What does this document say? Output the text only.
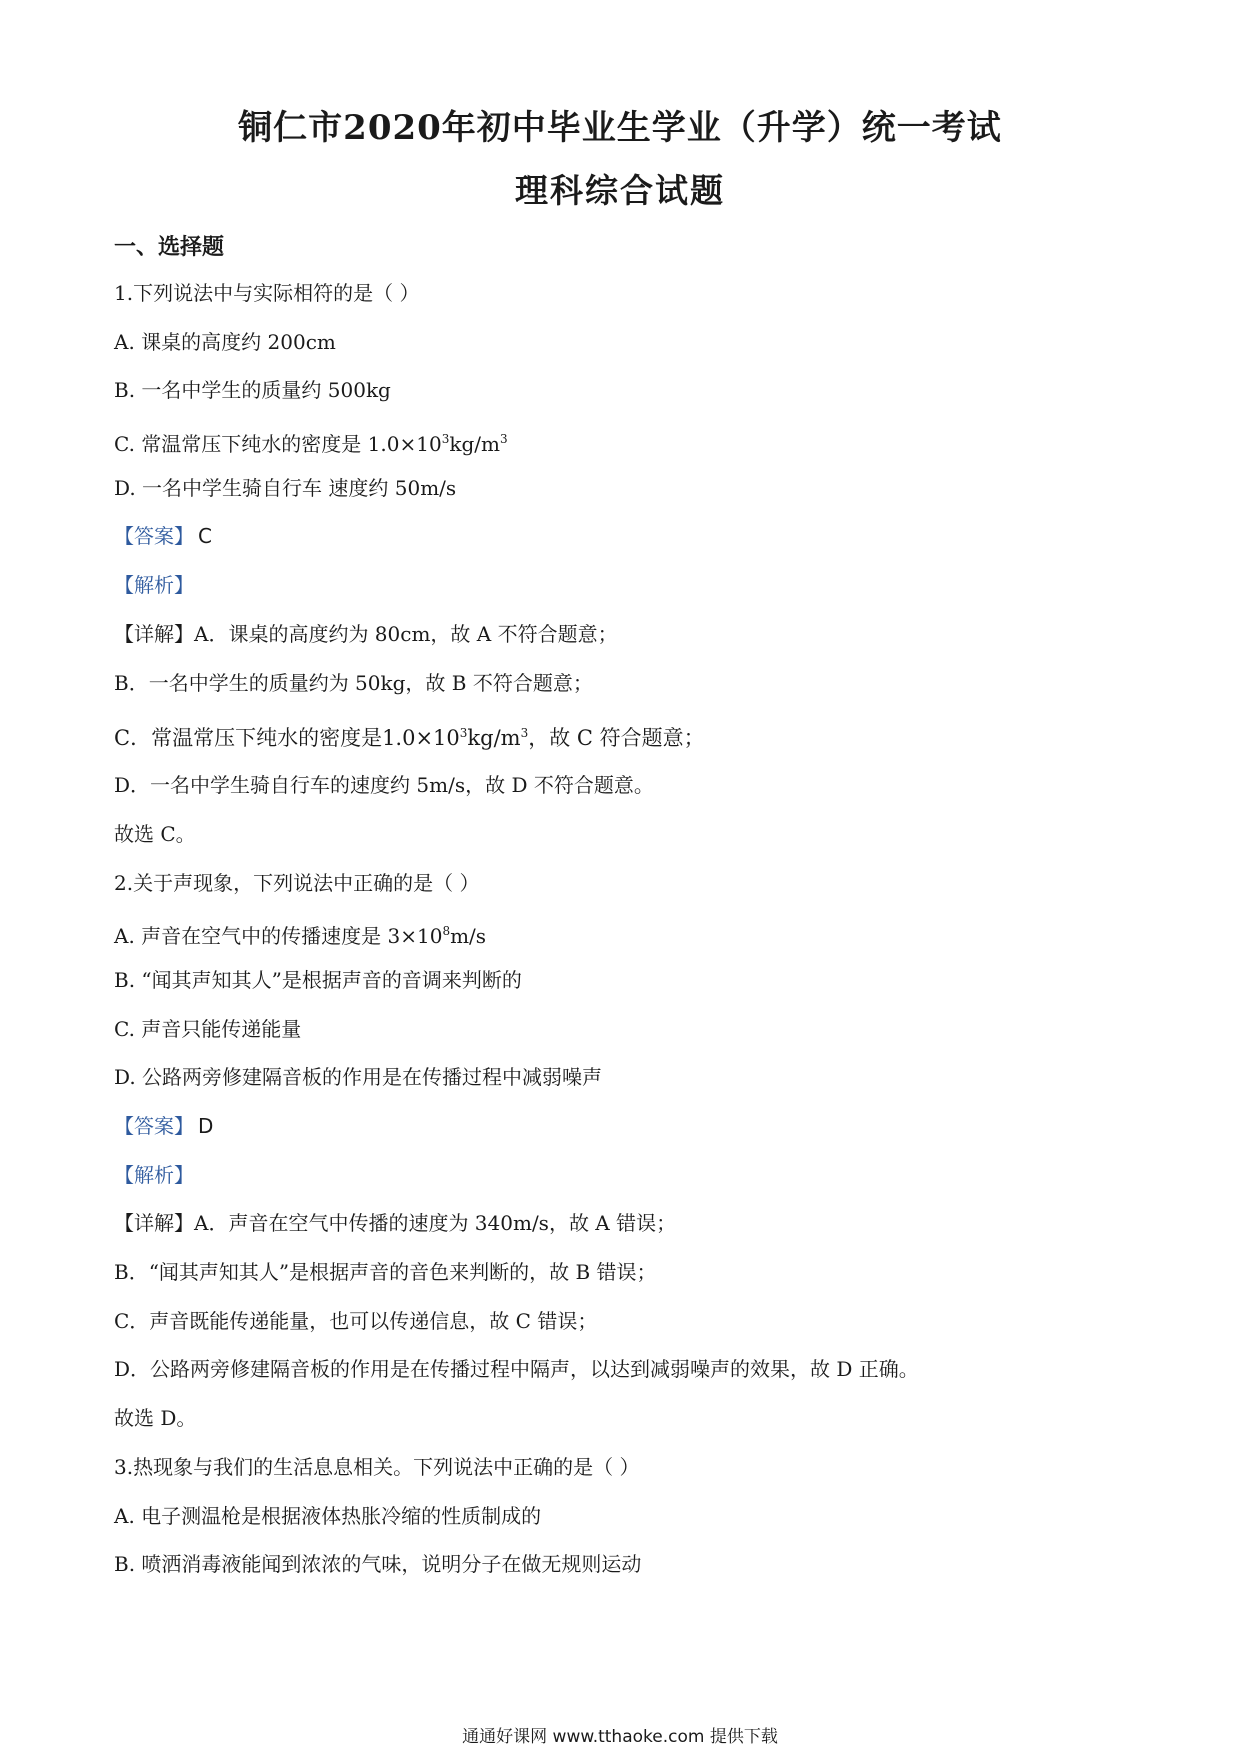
铜仁市2020年初中毕业生学业（升学）统一考试
理科综合试题
一、选择题
1.下列说法中与实际相符的是（ ）
A. 课桌的高度约 200cm
B. 一名中学生的质量约 500kg
C. 常温常压下纯水的密度是 $1.0\times 10^3kg/m^3$
D. 一名中学生骑自行车 速度约 50m/s
【答案】 C
【解析】
【详解】A．课桌的高度约为 80cm，故 A 不符合题意；
B．一名中学生的质量约为 50kg，故 B 不符合题意；
C．常温常压下纯水的密度是$1.0\times 10^3kg/m^3$，故 C 符合题意；
D．一名中学生骑自行车的速度约 5m/s，故 D 不符合题意。
故选 C。
2.关于声现象，下列说法中正确的是（ ）
A. 声音在空气中的传播速度是 $3\times 10^8m/s$
B. “闻其声知其人”是根据声音的音调来判断的
C. 声音只能传递能量
D. 公路两旁修建隔音板的作用是在传播过程中减弱噪声
【答案】 D
【解析】
【详解】A．声音在空气中传播的速度为 340m/s，故 A 错误；
B．“闻其声知其人”是根据声音的音色来判断的，故 B 错误；
C．声音既能传递能量，也可以传递信息，故 C 错误；
D．公路两旁修建隔音板的作用是在传播过程中隔声，以达到减弱噪声的效果，故 D 正确。
故选 D。
3.热现象与我们的生活息息相关。下列说法中正确的是（ ）
A. 电子测温枪是根据液体热胀冷缩的性质制成的
B. 喷洒消毒液能闻到浓浓的气味，说明分子在做无规则运动
通通好课网 www.tthaoke.com 提供下载
